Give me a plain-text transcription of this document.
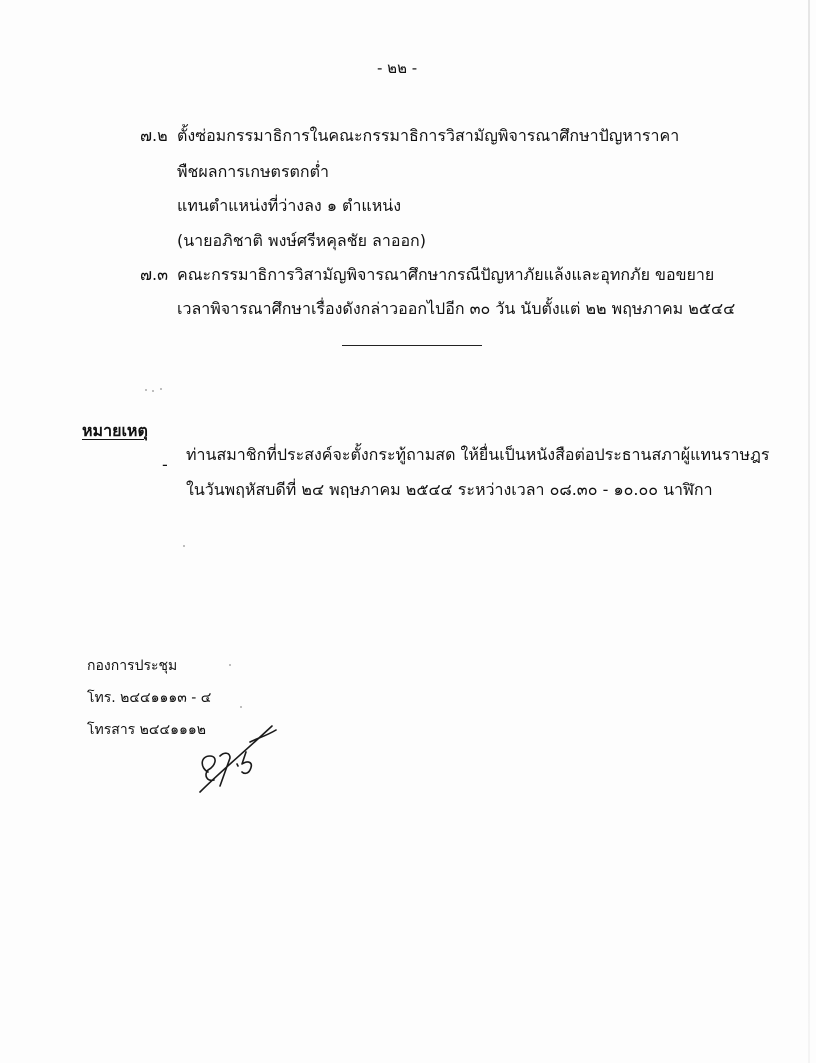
- ๒๒ -
๗.๒ ตั้งซ่อมกรรมาธิการในคณะกรรมาธิการวิสามัญพิจารณาศึกษาปัญหาราคา
พืชผลการเกษตรตกต่ำ
แทนตำแหน่งที่ว่างลง ๑ ตำแหน่ง
(นายอภิชาติ พงษ์ศรีหคุลชัย ลาออก)
๗.๓ คณะกรรมาธิการวิสามัญพิจารณาศึกษากรณีปัญหาภัยแล้งและอุทกภัย ขอขยาย
เวลาพิจารณาศึกษาเรื่องดังกล่าวออกไปอีก ๓๐ วัน นับตั้งแต่ ๒๒ พฤษภาคม ๒๕๔๔
หมายเหตุ
-
ท่านสมาชิกที่ประสงค์จะตั้งกระทู้ถามสด ให้ยื่นเป็นหนังสือต่อประธานสภาผู้แทนราษฎร
ในวันพฤหัสบดีที่ ๒๔ พฤษภาคม ๒๕๔๔ ระหว่างเวลา ๐๘.๓๐ - ๑๐.๐๐ นาฬิกา
กองการประชุม
โทร. ๒๔๔๑๑๑๓ - ๔
โทรสาร ๒๔๔๑๑๑๒
